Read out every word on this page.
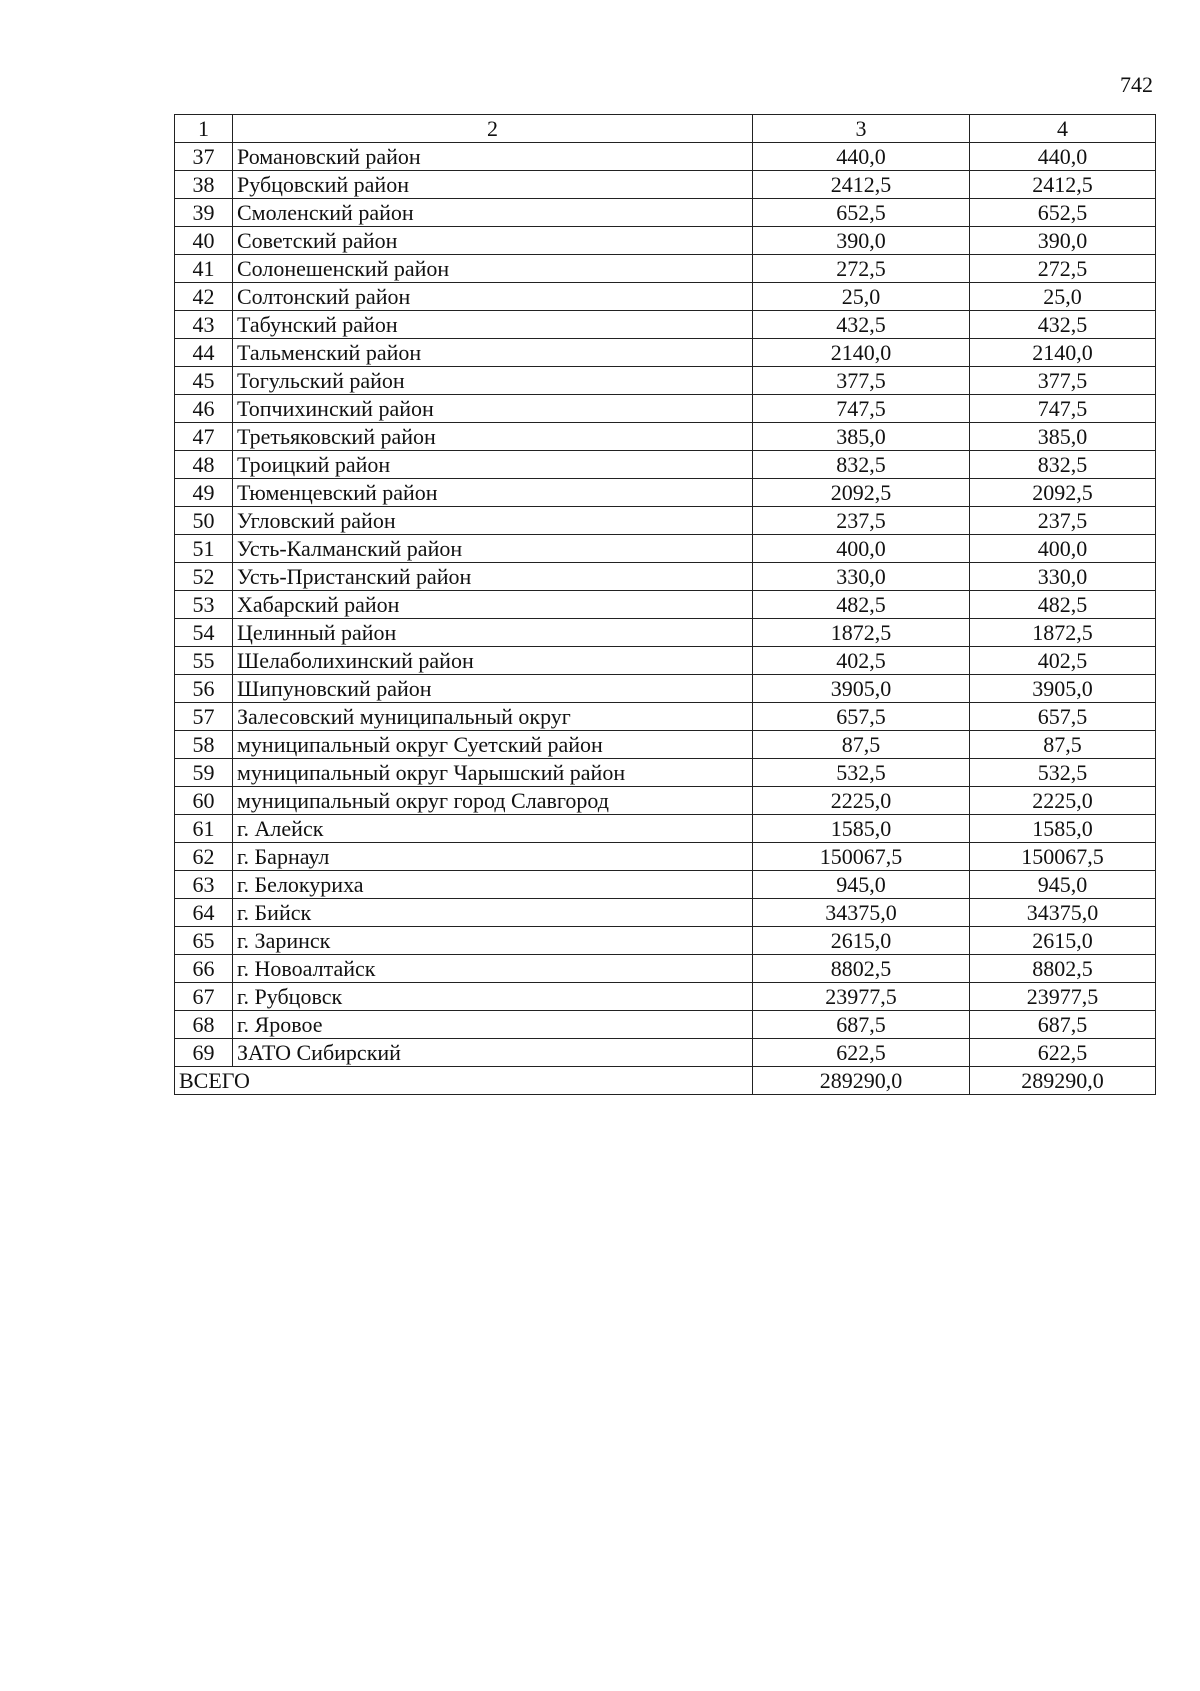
742
1	2	3	4
37	Романовский район	440,0	440,0
38	Рубцовский район	2412,5	2412,5
39	Смоленский район	652,5	652,5
40	Советский район	390,0	390,0
41	Солонешенский район	272,5	272,5
42	Солтонский район	25,0	25,0
43	Табунский район	432,5	432,5
44	Тальменский район	2140,0	2140,0
45	Тогульский район	377,5	377,5
46	Топчихинский район	747,5	747,5
47	Третьяковский район	385,0	385,0
48	Троицкий район	832,5	832,5
49	Тюменцевский район	2092,5	2092,5
50	Угловский район	237,5	237,5
51	Усть-Калманский район	400,0	400,0
52	Усть-Пристанский район	330,0	330,0
53	Хабарский район	482,5	482,5
54	Целинный район	1872,5	1872,5
55	Шелаболихинский район	402,5	402,5
56	Шипуновский район	3905,0	3905,0
57	Залесовский муниципальный округ	657,5	657,5
58	муниципальный округ Суетский район	87,5	87,5
59	муниципальный округ Чарышский район	532,5	532,5
60	муниципальный округ город Славгород	2225,0	2225,0
61	г. Алейск	1585,0	1585,0
62	г. Барнаул	150067,5	150067,5
63	г. Белокуриха	945,0	945,0
64	г. Бийск	34375,0	34375,0
65	г. Заринск	2615,0	2615,0
66	г. Новоалтайск	8802,5	8802,5
67	г. Рубцовск	23977,5	23977,5
68	г. Яровое	687,5	687,5
69	ЗАТО Сибирский	622,5	622,5
ВСЕГО		289290,0	289290,0
